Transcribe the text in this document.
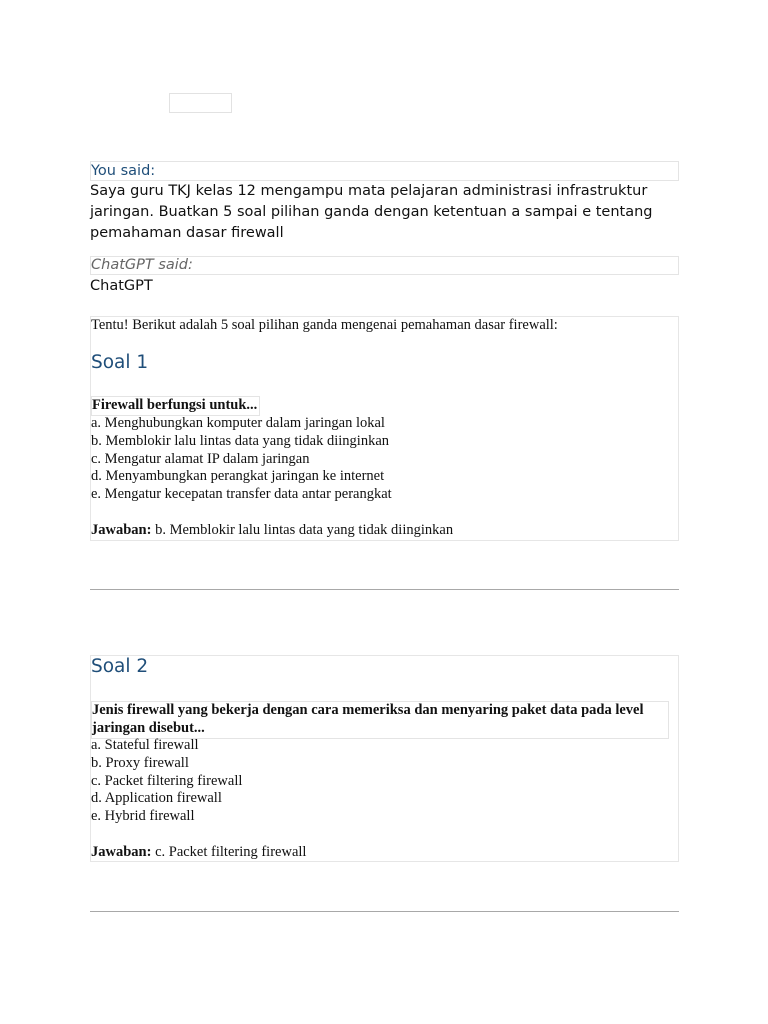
You said:
Saya guru TKJ kelas 12 mengampu mata pelajaran administrasi infrastruktur
jaringan. Buatkan 5 soal pilihan ganda dengan ketentuan a sampai e tentang
pemahaman dasar firewall
ChatGPT said:
ChatGPT
Tentu! Berikut adalah 5 soal pilihan ganda mengenai pemahaman dasar firewall:
Soal 1
Firewall berfungsi untuk...
a. Menghubungkan komputer dalam jaringan lokal
b. Memblokir lalu lintas data yang tidak diinginkan
c. Mengatur alamat IP dalam jaringan
d. Menyambungkan perangkat jaringan ke internet
e. Mengatur kecepatan transfer data antar perangkat
Jawaban: b. Memblokir lalu lintas data yang tidak diinginkan
Soal 2
Jenis firewall yang bekerja dengan cara memeriksa dan menyaring paket data pada level
jaringan disebut...
a. Stateful firewall
b. Proxy firewall
c. Packet filtering firewall
d. Application firewall
e. Hybrid firewall
Jawaban: c. Packet filtering firewall
